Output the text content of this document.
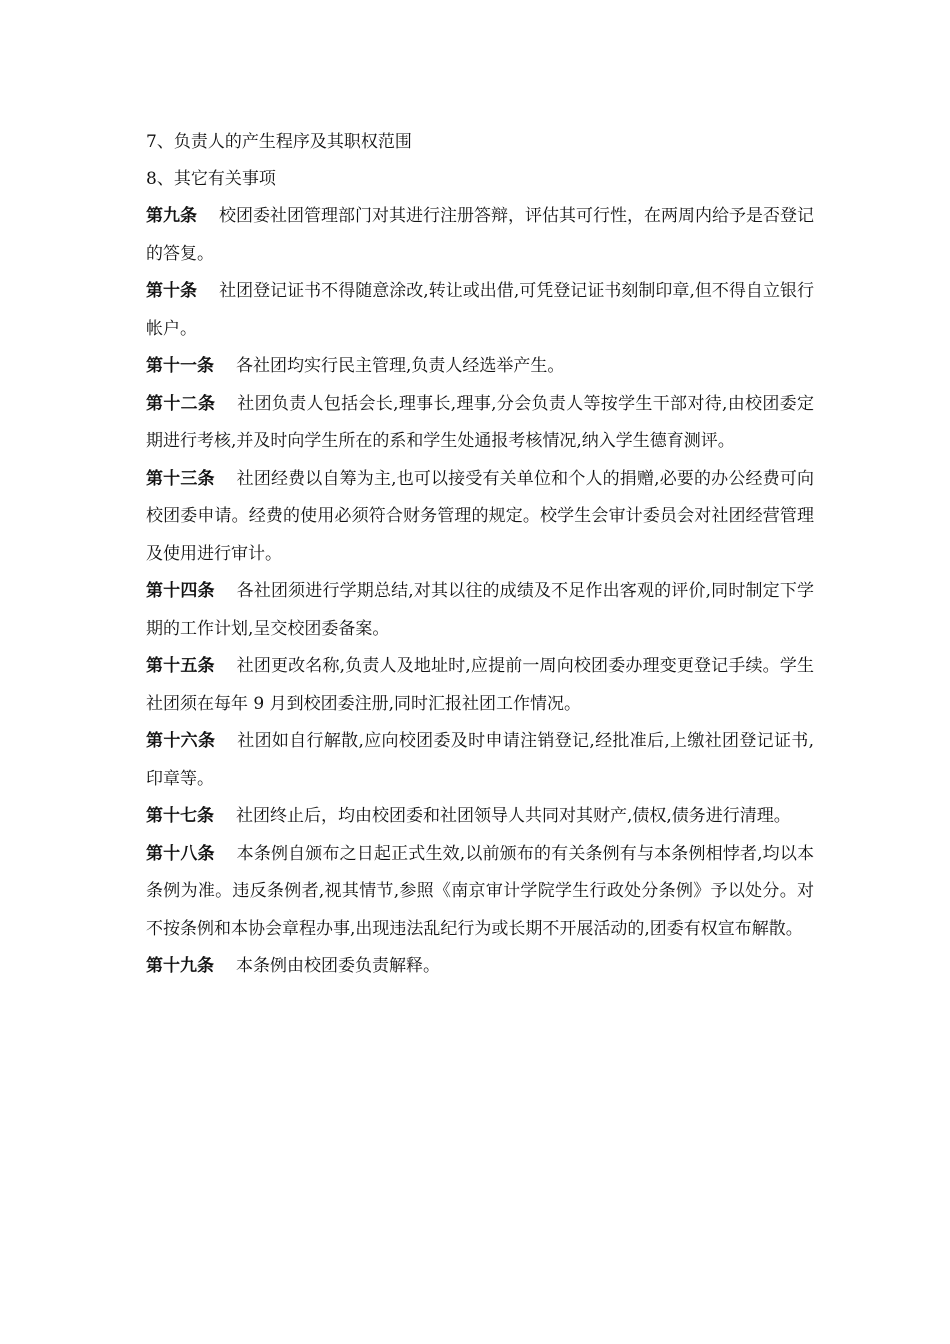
7、负责人的产生程序及其职权范围
8、其它有关事项

第九条 校团委社团管理部门对其进行注册答辩，评估其可行性，在两周内给予是否登记的答复。

第十条 社团登记证书不得随意涂改,转让或出借,可凭登记证书刻制印章,但不得自立银行帐户。

第十一条 各社团均实行民主管理,负责人经选举产生。

第十二条 社团负责人包括会长,理事长,理事,分会负责人等按学生干部对待,由校团委定期进行考核,并及时向学生所在的系和学生处通报考核情况,纳入学生德育测评。

第十三条 社团经费以自筹为主,也可以接受有关单位和个人的捐赠,必要的办公经费可向校团委申请。经费的使用必须符合财务管理的规定。校学生会审计委员会对社团经营管理及使用进行审计。

第十四条 各社团须进行学期总结,对其以往的成绩及不足作出客观的评价,同时制定下学期的工作计划,呈交校团委备案。

第十五条 社团更改名称,负责人及地址时,应提前一周向校团委办理变更登记手续。学生社团须在每年 9 月到校团委注册,同时汇报社团工作情况。

第十六条 社团如自行解散,应向校团委及时申请注销登记,经批准后,上缴社团登记证书,印章等。

第十七条 社团终止后，均由校团委和社团领导人共同对其财产,债权,债务进行清理。

第十八条 本条例自颁布之日起正式生效,以前颁布的有关条例有与本条例相悖者,均以本条例为准。违反条例者,视其情节,参照《南京审计学院学生行政处分条例》予以处分。对不按条例和本协会章程办事,出现违法乱纪行为或长期不开展活动的,团委有权宣布解散。

第十九条 本条例由校团委负责解释。
